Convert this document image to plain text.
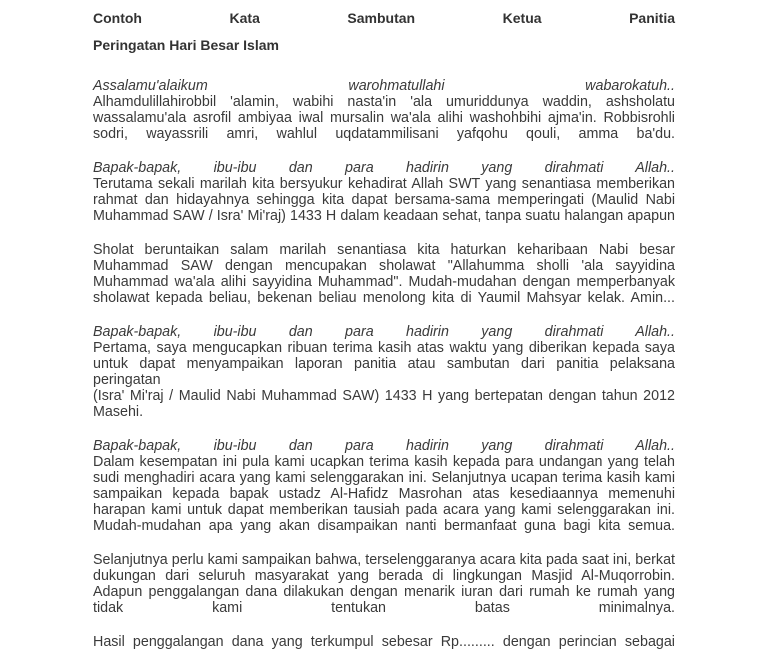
Contoh Kata Sambutan Ketua Panitia
Peringatan Hari Besar Islam
Assalamu'alaikum warohmatullahi wabarokatuh..
Alhamdulillahirobbil 'alamin, wabihi nasta'in 'ala umuriddunya waddin, ashsholatu
wassalamu'ala asrofil ambiyaa iwal mursalin wa'ala alihi washohbihi ajma'in. Robbisrohli
sodri, wayassrili amri, wahlul uqdatammilisani yafqohu qouli, amma ba'du.
Bapak-bapak, ibu-ibu dan para hadirin yang dirahmati Allah..
Terutama sekali marilah kita bersyukur kehadirat Allah SWT yang senantiasa memberikan
rahmat dan hidayahnya sehingga kita dapat bersama-sama memperingati (Maulid Nabi
Muhammad SAW / Isra' Mi'raj) 1433 H dalam keadaan sehat, tanpa suatu halangan apapun
Sholat beruntaikan salam marilah senantiasa kita haturkan keharibaan Nabi besar
Muhammad SAW dengan mencupakan sholawat "Allahumma sholli 'ala sayyidina
Muhammad wa'ala alihi sayyidina Muhammad". Mudah-mudahan dengan memperbanyak
sholawat kepada beliau, bekenan beliau menolong kita di Yaumil Mahsyar kelak. Amin...
Bapak-bapak, ibu-ibu dan para hadirin yang dirahmati Allah..
Pertama, saya mengucapkan ribuan terima kasih atas waktu yang diberikan kepada saya
untuk dapat menyampaikan laporan panitia atau sambutan dari panitia pelaksana peringatan
(Isra' Mi'raj / Maulid Nabi Muhammad SAW) 1433 H yang bertepatan dengan tahun 2012
Masehi.
Bapak-bapak, ibu-ibu dan para hadirin yang dirahmati Allah..
Dalam kesempatan ini pula kami ucapkan terima kasih kepada para undangan yang telah
sudi menghadiri acara yang kami selenggarakan ini. Selanjutnya ucapan terima kasih kami
sampaikan kepada bapak ustadz Al-Hafidz Masrohan atas kesediaannya memenuhi
harapan kami untuk dapat memberikan tausiah pada acara yang kami selenggarakan ini.
Mudah-mudahan apa yang akan disampaikan nanti bermanfaat guna bagi kita semua.
Selanjutnya perlu kami sampaikan bahwa, terselenggaranya acara kita pada saat ini, berkat
dukungan dari seluruh masyarakat yang berada di lingkungan Masjid Al-Muqorrobin.
Adapun penggalangan dana dilakukan dengan menarik iuran dari rumah ke rumah yang
tidak kami tentukan batas minimalnya.
Hasil penggalangan dana yang terkumpul sebesar Rp......... dengan perincian sebagai
